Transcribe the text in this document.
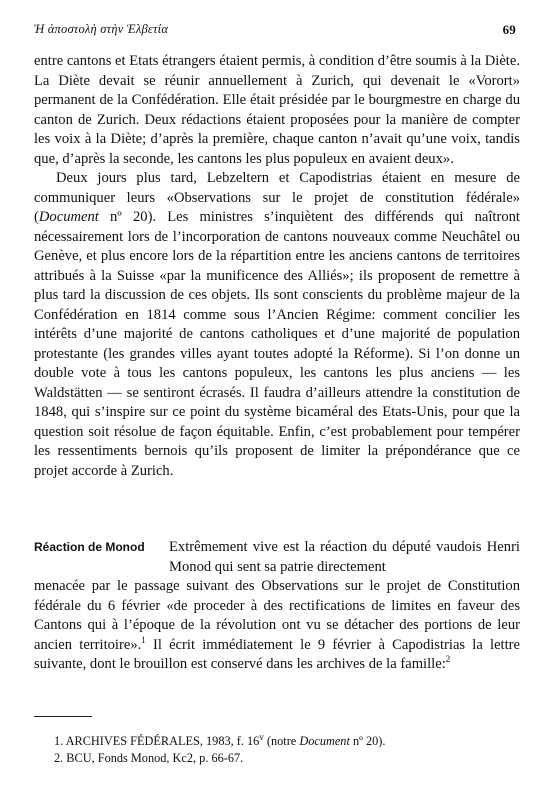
Ἡ ἀποστολὴ στὴν Ἑλβετία	69

entre cantons et Etats étrangers étaient permis, à condition d’être soumis à la Diète. La Diète devait se réunir annuellement à Zurich, qui devenait le «Vorort» permanent de la Confédération. Elle était présidée par le bourgmestre en charge du canton de Zurich. Deux rédactions étaient proposées pour la manière de compter les voix à la Diète; d’après la première, chaque canton n’avait qu’une voix, tandis que, d’après la seconde, les cantons les plus populeux en avaient deux».

Deux jours plus tard, Lebzeltern et Capodistrias étaient en mesure de communiquer leurs «Observations sur le projet de constitution fédérale» (Document nº 20). Les ministres s’inquiètent des différends qui naîtront nécessairement lors de l’incorporation de cantons nouveaux comme Neuchâtel ou Genève, et plus encore lors de la répartition entre les anciens cantons de territoires attribués à la Suisse «par la munificence des Alliés»; ils proposent de remettre à plus tard la discussion de ces objets. Ils sont conscients du problème majeur de la Confédération en 1814 comme sous l’Ancien Régime: comment concilier les intérêts d’une majorité de cantons catholiques et d’une majorité de population protestante (les grandes villes ayant toutes adopté la Réforme). Si l’on donne un double vote à tous les cantons populeux, les cantons les plus anciens — les Waldstätten — se sentiront écrasés. Il faudra d’ailleurs attendre la constitution de 1848, qui s’inspire sur ce point du système bicaméral des Etats-Unis, pour que la question soit résolue de façon équitable. Enfin, c’est probablement pour tempérer les ressentiments bernois qu’ils proposent de limiter la prépondérance que ce projet accorde à Zurich.

Réaction de Monod	Extrêmement vive est la réaction du député vaudois Henri Monod qui sent sa patrie directement
menacée par le passage suivant des Observations sur le projet de Constitution fédérale du 6 février «de proceder à des rectifications de limites en faveur des Cantons qui à l’époque de la révolution ont vu se détacher des portions de leur ancien territoire».$^1$ Il écrit immédiatement le 9 février à Capodistrias la lettre suivante, dont le brouillon est conservé dans les archives de la famille:$^2$
1. ARCHIVES FÉDÉRALES, 1983, f. 16$^v$ (notre Document nº 20).
2. BCU, Fonds Monod, Kc2, p. 66-67.
